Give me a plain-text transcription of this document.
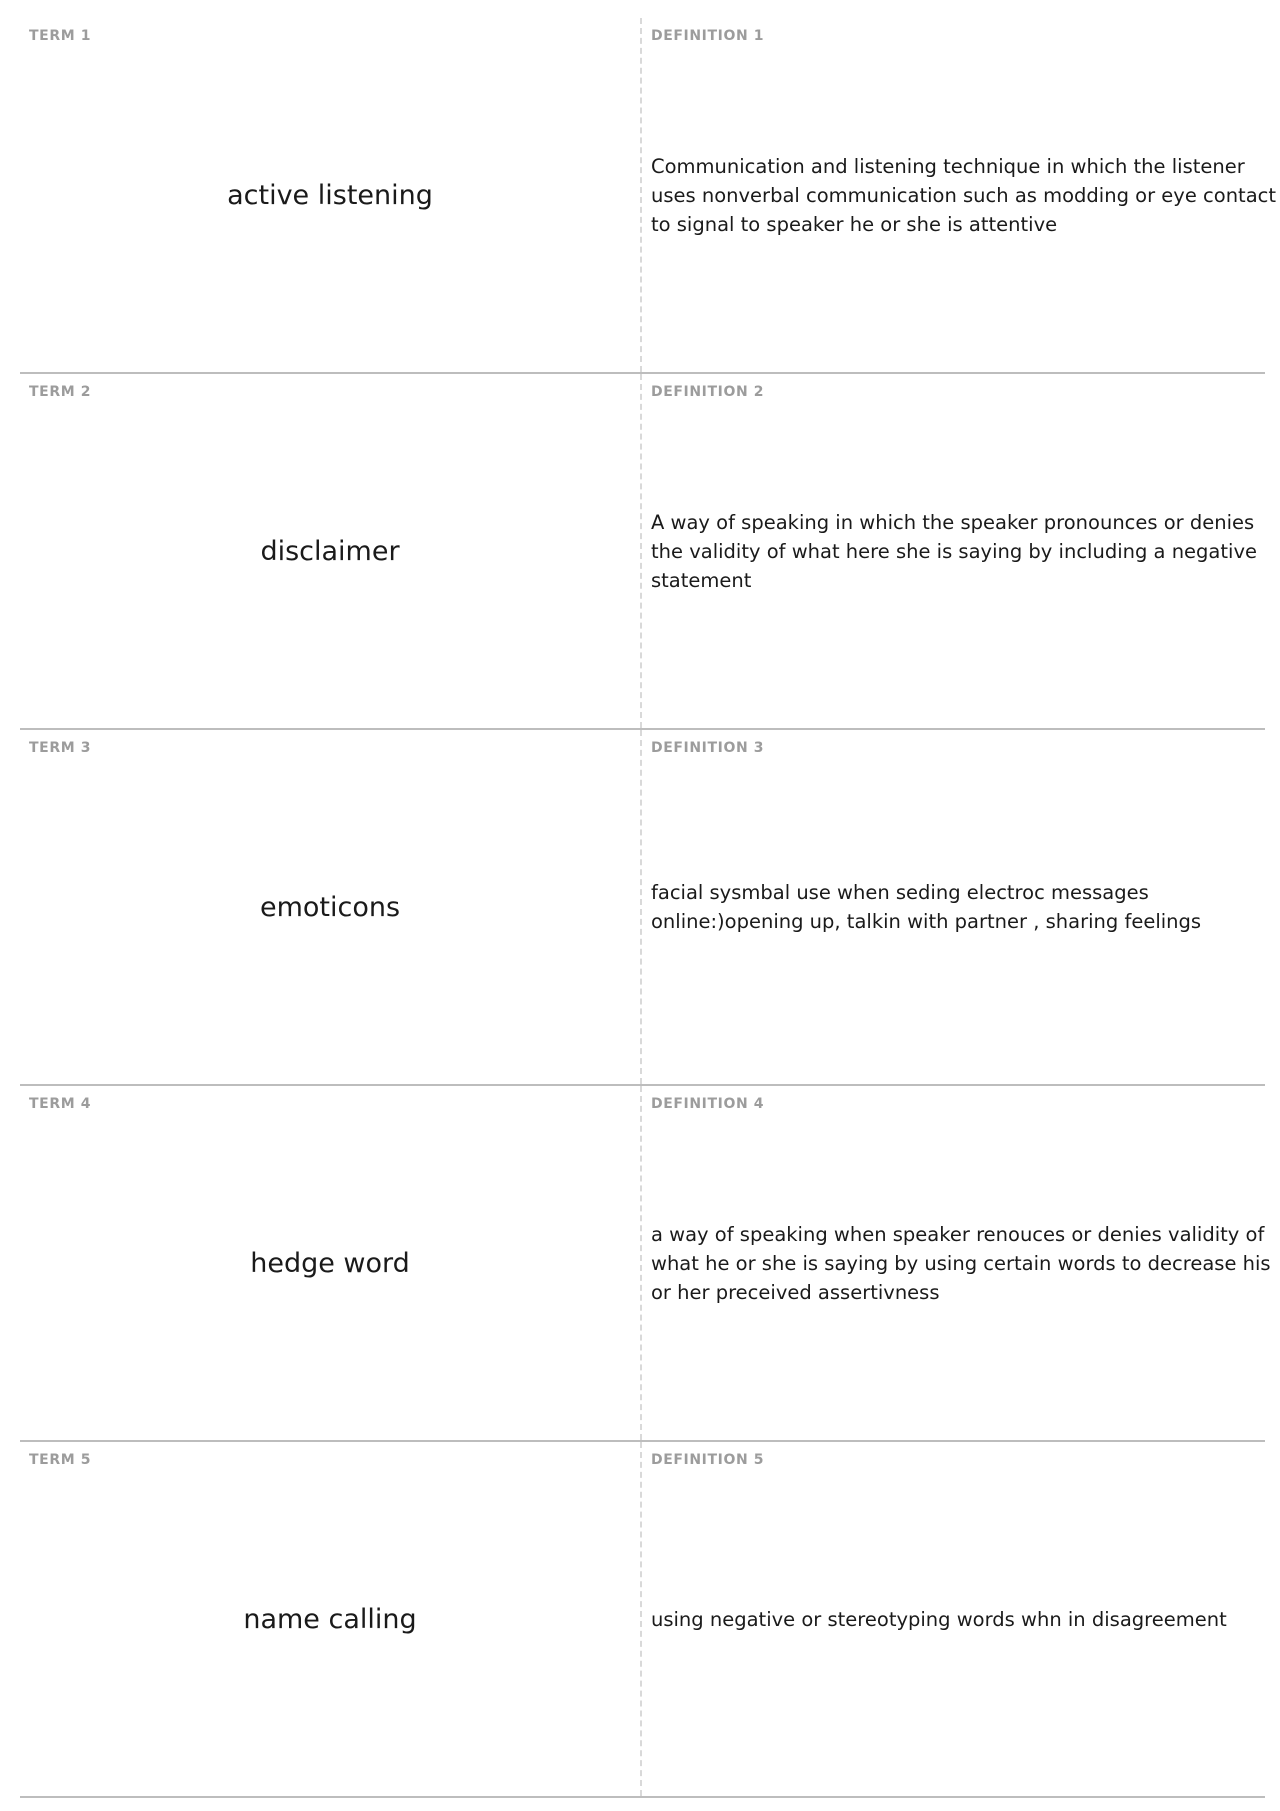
TERM 1
active listening
DEFINITION 1
Communication and listening technique in which the listener uses nonverbal communication such as modding or eye contact to signal to speaker he or she is attentive
TERM 2
disclaimer
DEFINITION 2
A way of speaking in which the speaker pronounces or denies the validity of what here she is saying by including a negative statement
TERM 3
emoticons
DEFINITION 3
facial sysmbal use when seding electroc messages online:)opening up, talkin with partner , sharing feelings
TERM 4
hedge word
DEFINITION 4
a way of speaking when speaker renouces or denies validity of what he or she is saying by using certain words to decrease his or her preceived assertivness
TERM 5
name calling
DEFINITION 5
using negative or stereotyping words whn in disagreement
